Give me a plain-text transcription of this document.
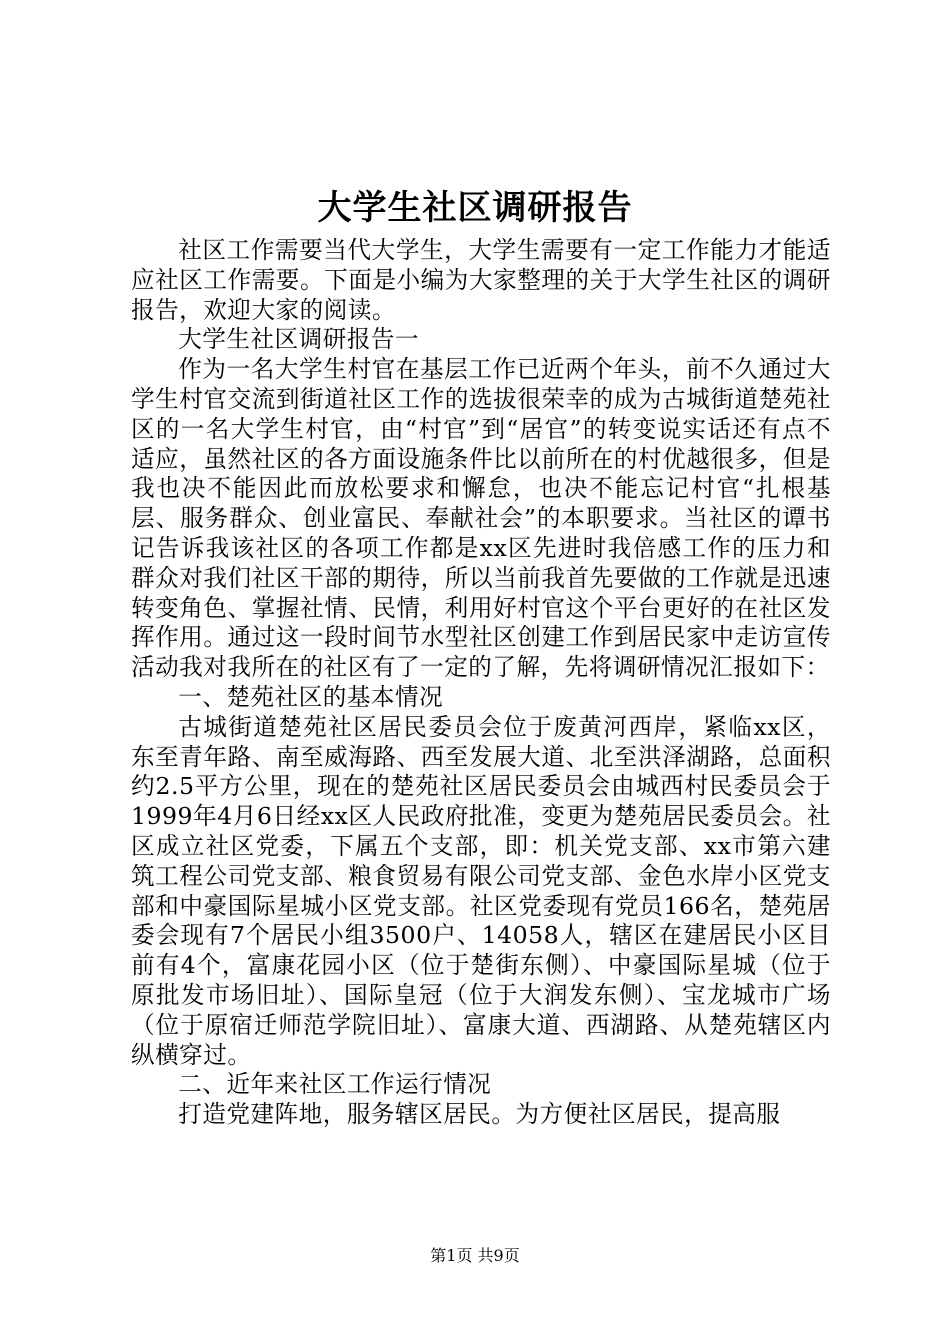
大学生社区调研报告

社区工作需要当代大学生，大学生需要有一定工作能力才能适应社区工作需要。下面是小编为大家整理的关于大学生社区的调研报告，欢迎大家的阅读。

大学生社区调研报告一

作为一名大学生村官在基层工作已近两个年头，前不久通过大学生村官交流到街道社区工作的选拔很荣幸的成为古城街道楚苑社区的一名大学生村官，由“村官”到“居官”的转变说实话还有点不适应，虽然社区的各方面设施条件比以前所在的村优越很多，但是我也决不能因此而放松要求和懈怠，也决不能忘记村官“扎根基层、服务群众、创业富民、奉献社会”的本职要求。当社区的谭书记告诉我该社区的各项工作都是xx区先进时我倍感工作的压力和群众对我们社区干部的期待，所以当前我首先要做的工作就是迅速转变角色、掌握社情、民情，利用好村官这个平台更好的在社区发挥作用。通过这一段时间节水型社区创建工作到居民家中走访宣传活动我对我所在的社区有了一定的了解，先将调研情况汇报如下：

一、楚苑社区的基本情况

古城街道楚苑社区居民委员会位于废黄河西岸，紧临xx区，东至青年路、南至威海路、西至发展大道、北至洪泽湖路，总面积约2.5平方公里，现在的楚苑社区居民委员会由城西村民委员会于1999年4月6日经xx区人民政府批准，变更为楚苑居民委员会。社区成立社区党委，下属五个支部，即：机关党支部、xx市第六建筑工程公司党支部、粮食贸易有限公司党支部、金色水岸小区党支部和中豪国际星城小区党支部。社区党委现有党员166名，楚苑居委会现有7个居民小组3500户、14058人，辖区在建居民小区目前有4个，富康花园小区（位于楚街东侧）、中豪国际星城（位于原批发市场旧址）、国际皇冠（位于大润发东侧）、宝龙城市广场（位于原宿迁师范学院旧址）、富康大道、西湖路、从楚苑辖区内纵横穿过。

二、近年来社区工作运行情况

打造党建阵地，服务辖区居民。为方便社区居民，提高服

第1页 共9页
